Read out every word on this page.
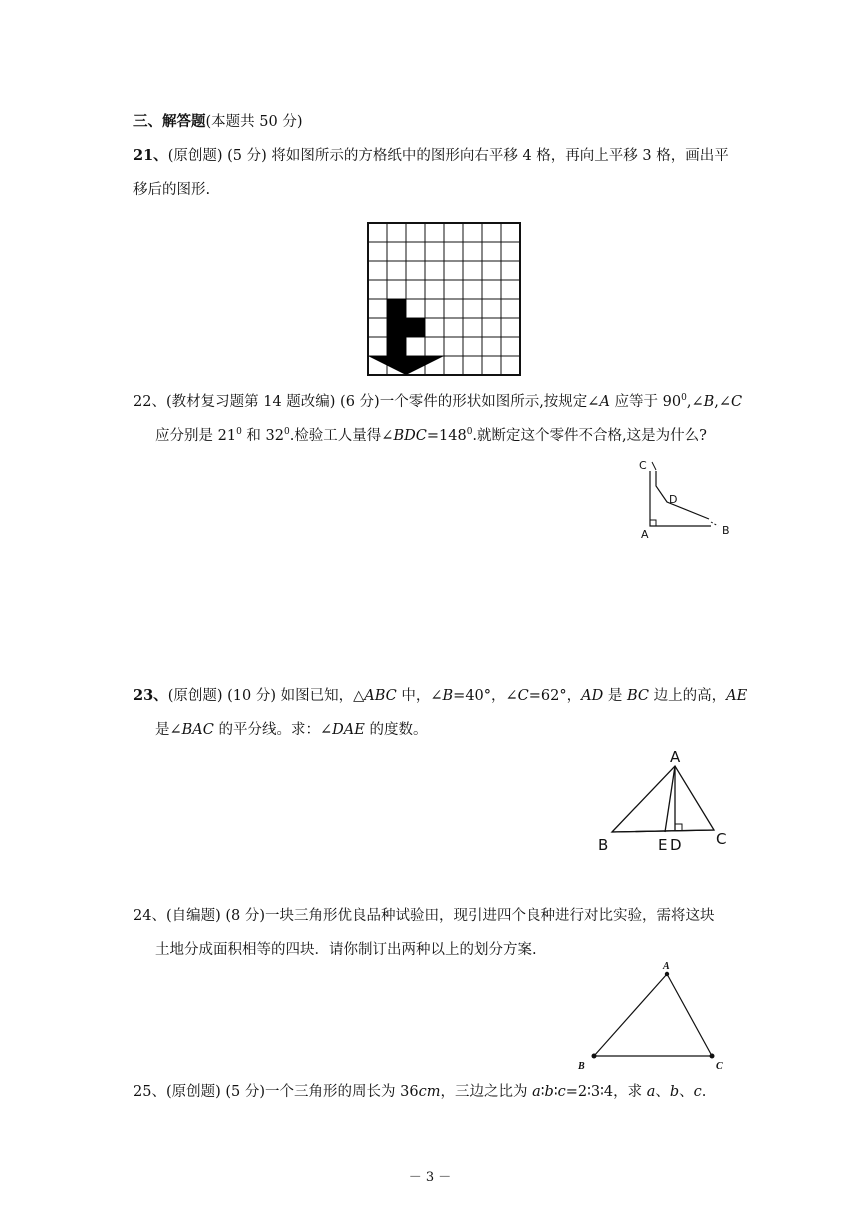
三、解答题(本题共 50 分)
21、(原创题) (5 分) 将如图所示的方格纸中的图形向右平移 4 格，再向上平移 3 格，画出平
移后的图形.
22、(教材复习题第 14 题改编) (6 分)一个零件的形状如图所示,按规定∠A 应等于 $90^0,\angle B,\angle C$
应分别是 $21^0$ 和 $32^0$.检验工人量得$\angle BDC=148^0$.就断定这个零件不合格,这是为什么?
C
D
A	B
23、(原创题) (10 分) 如图已知，△ABC 中，∠B=40°，∠C=62°，AD 是 BC 边上的高，AE
是∠BAC 的平分线。求：∠DAE 的度数。
A
B	E D C
24、(自编题) (8 分)一块三角形优良品种试验田，现引进四个良种进行对比实验，需将这块
土地分成面积相等的四块．请你制订出两种以上的划分方案.
A
B	C
25、(原创题) (5 分)一个三角形的周长为 36cm，三边之比为 a∶b∶c=2∶3∶4，求 a、b、c.
－ 3 －
